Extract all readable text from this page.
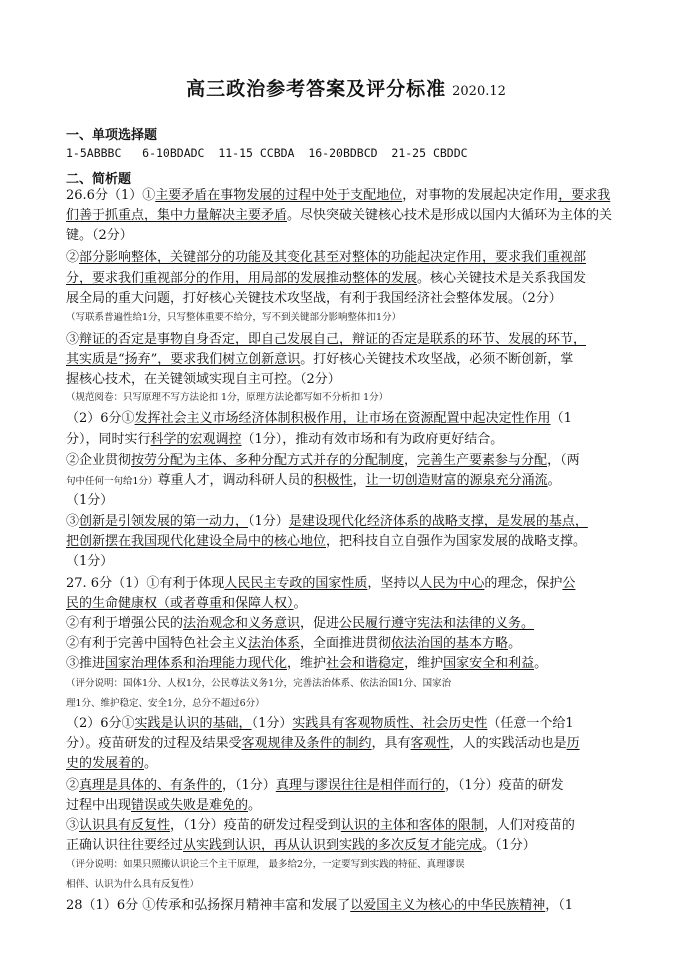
高三政治参考答案及评分标准 2020.12
一、单项选择题
1-5ABBBC   6-10BDADC  11-15 CCBDA  16-20BDBCD  21-25 CBDDC
二、简析题
26.6分（1）①主要矛盾在事物发展的过程中处于支配地位，对事物的发展起决定作用，要求我
们善于抓重点，集中力量解决主要矛盾。尽快突破关键核心技术是形成以国内大循环为主体的关
键。（2分）
②部分影响整体，关键部分的功能及其变化甚至对整体的功能起决定作用，要求我们重视部
分，要求我们重视部分的作用，用局部的发展推动整体的发展。核心关键技术是关系我国发
展全局的重大问题，打好核心关键技术攻坚战，有利于我国经济社会整体发展。（2分）
（写联系普遍性给1分，只写整体重要不给分，写不到关键部分影响整体扣1分）
③辩证的否定是事物自身否定，即自己发展自己，辩证的否定是联系的环节、发展的环节，
其实质是“扬弃”，要求我们树立创新意识。打好核心关键技术攻坚战，必须不断创新，掌
握核心技术，在关键领域实现自主可控。（2分）
（规范阅卷：只写原理不写方法论扣 1分，原理方法论都写如不分析扣 1分）
（2）6分①发挥社会主义市场经济体制积极作用，让市场在资源配置中起决定性作用（1
分），同时实行科学的宏观调控（1分），推动有效市场和有为政府更好结合。
②企业贯彻按劳分配为主体、多种分配方式并存的分配制度，完善生产要素参与分配，（两
句中任何一句给1分）尊重人才，调动科研人员的积极性，让一切创造财富的源泉充分涌流。
（1分）
③创新是引领发展的第一动力，（1分）是建设现代化经济体系的战略支撑，是发展的基点，
把创新摆在我国现代化建设全局中的核心地位，把科技自立自强作为国家发展的战略支撑。
（1分）
27. 6分（1）①有利于体现人民民主专政的国家性质，坚持以人民为中心的理念，保护公
民的生命健康权（或者尊重和保障人权）。
②有利于增强公民的法治观念和义务意识，促进公民履行遵守宪法和法律的义务。
②有利于完善中国特色社会主义法治体系，全面推进贯彻依法治国的基本方略。
③推进国家治理体系和治理能力现代化，维护社会和谐稳定，维护国家安全和利益。
（评分说明：国体1分、人权1分，公民尊法义务1分，完善法治体系、依法治国1分、国家治
理1分、维护稳定、安全1分，总分不超过6分）
（2）6分①实践是认识的基础，（1分）实践具有客观物质性、社会历史性（任意一个给1
分）。疫苗研发的过程及结果受客观规律及条件的制约，具有客观性，人的实践活动也是历
史的发展着的。
②真理是具体的、有条件的，（1分）真理与谬误往往是相伴而行的，（1分）疫苗的研发
过程中出现错误或失败是难免的。
③认识具有反复性，（1分）疫苗的研发过程受到认识的主体和客体的限制，人们对疫苗的
正确认识往往要经过从实践到认识，再从认识到实践的多次反复才能完成。（1分）
（评分说明：如果只照搬认识论三个主干原理， 最多给2分，一定要写到实践的特征、真理谬误
相伴、认识为什么具有反复性）
28（1）6分 ①传承和弘扬探月精神丰富和发展了以爱国主义为核心的中华民族精神，（1
